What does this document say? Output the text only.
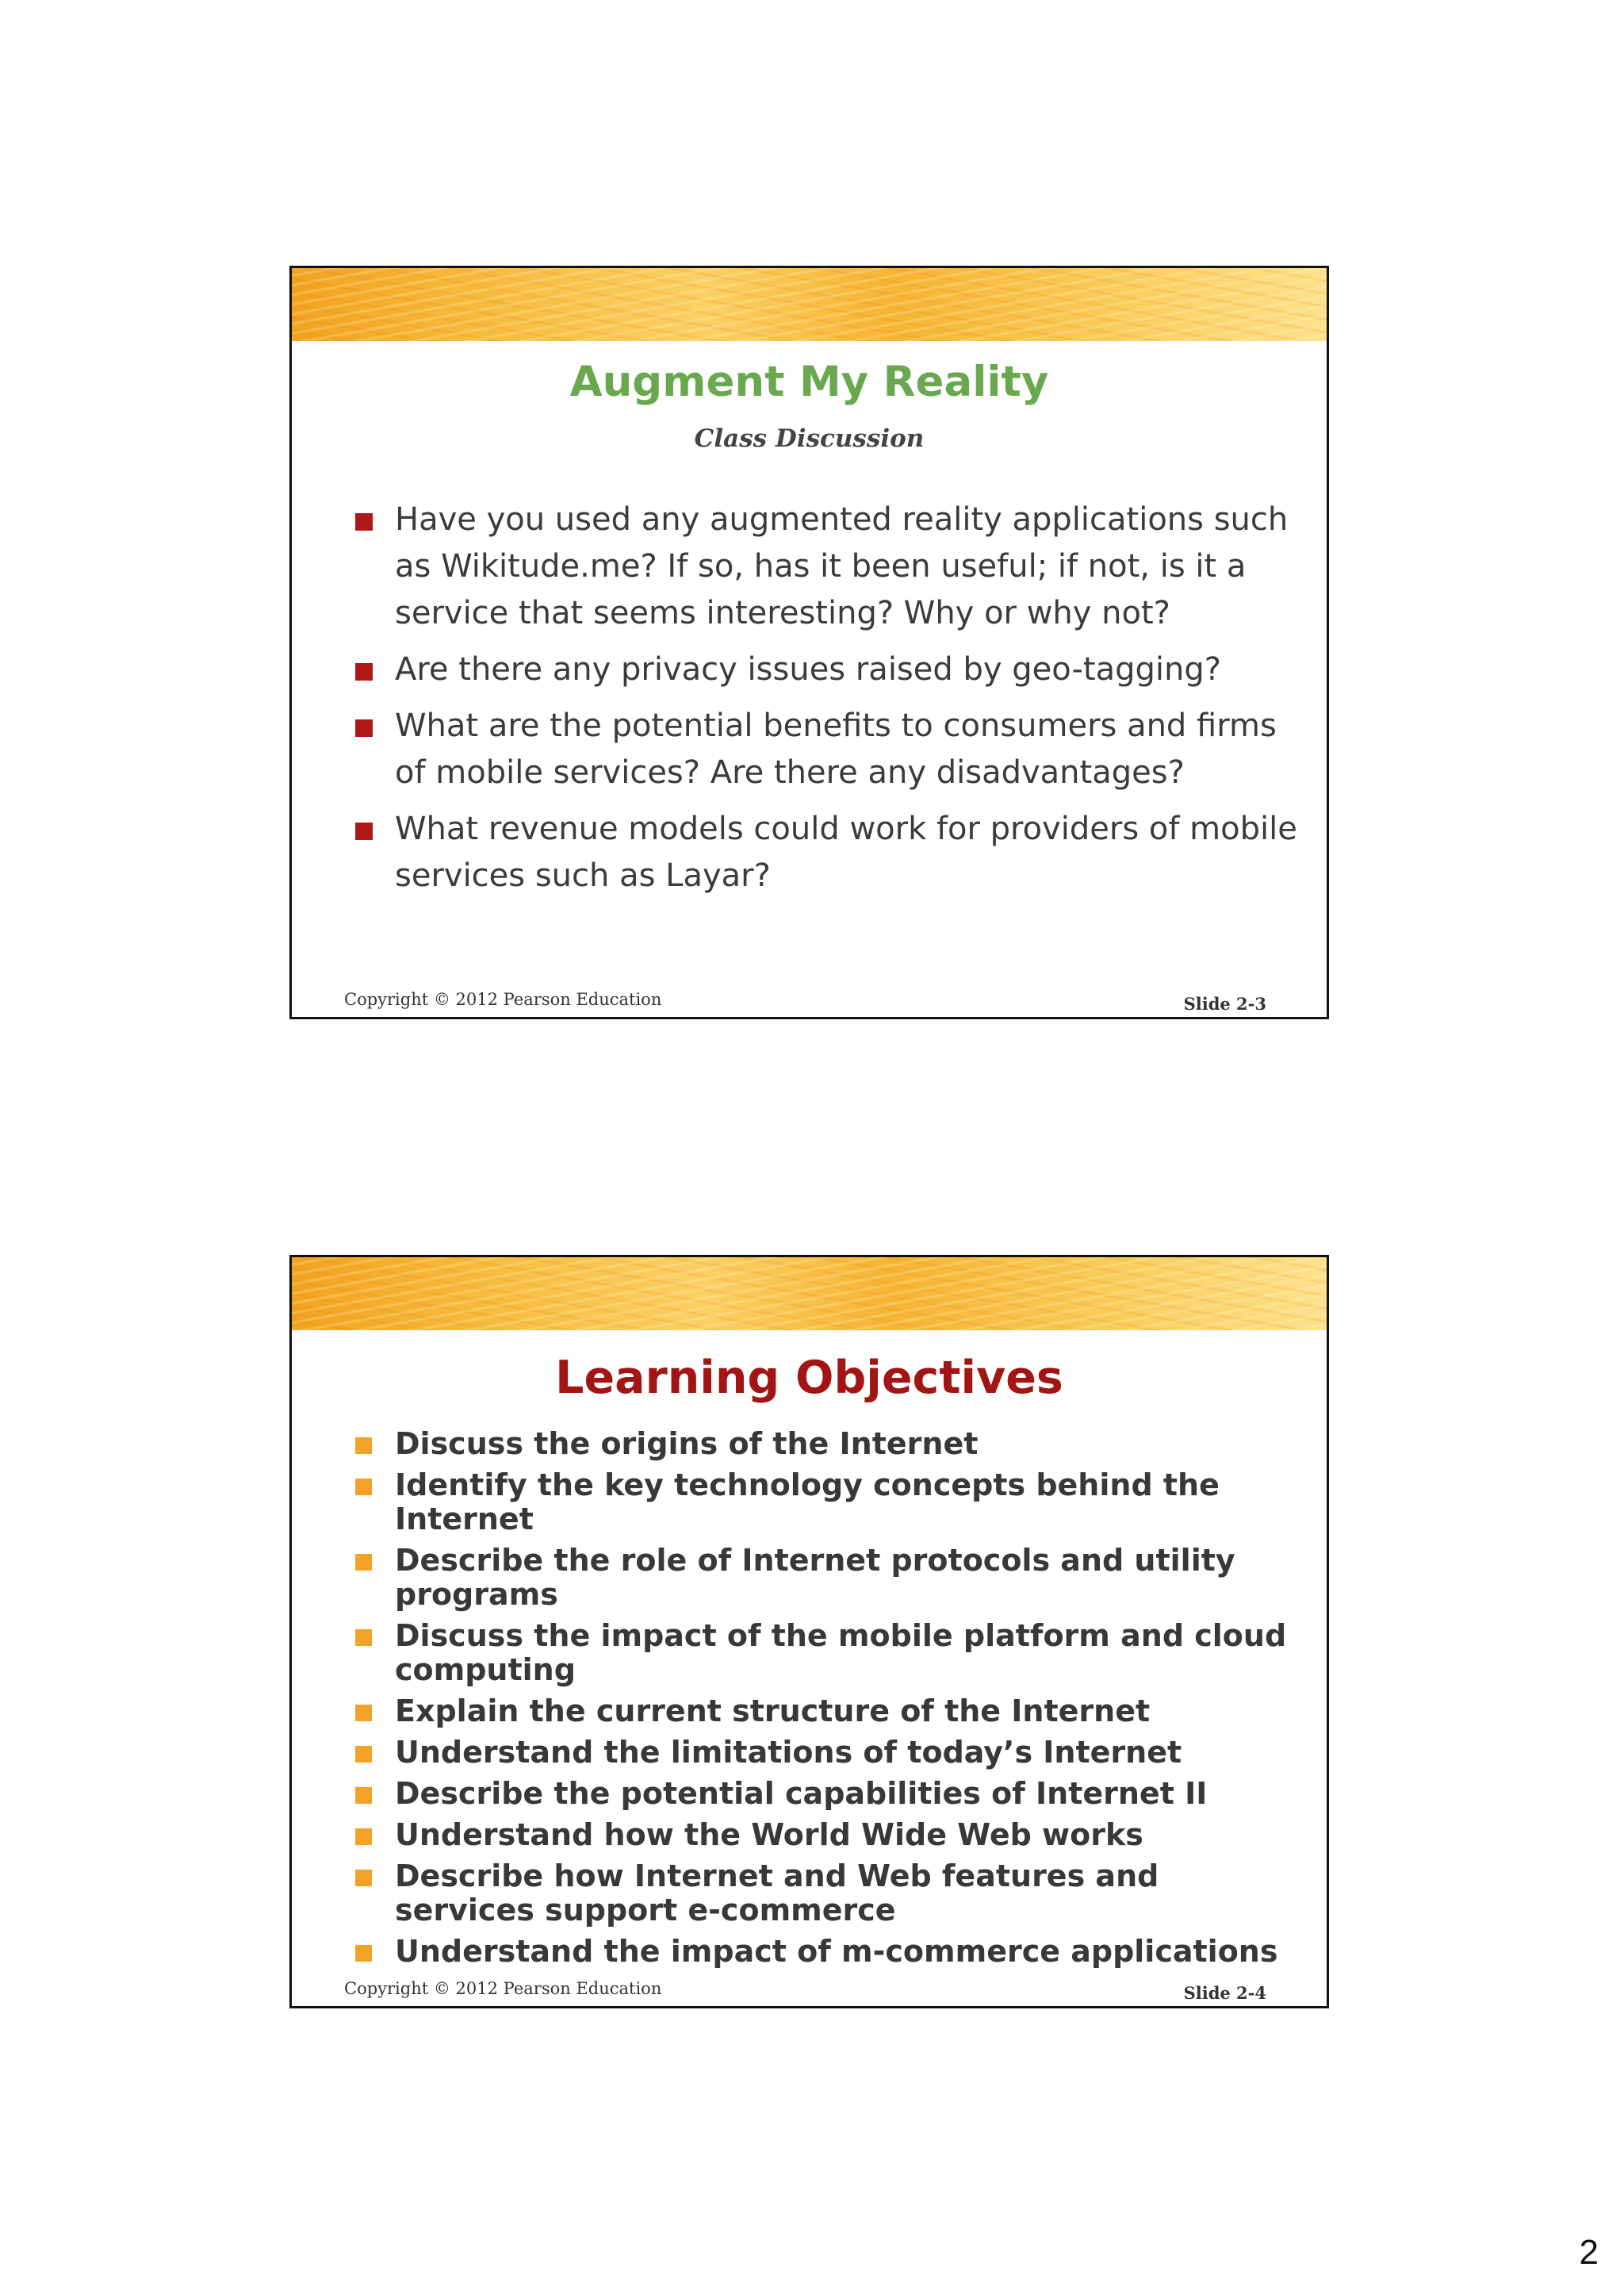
Augment My Reality
Class Discussion
Have you used any augmented reality applications such as Wikitude.me? If so, has it been useful; if not, is it a service that seems interesting? Why or why not?
Are there any privacy issues raised by geo-tagging?
What are the potential benefits to consumers and firms of mobile services? Are there any disadvantages?
What revenue models could work for providers of mobile services such as Layar?
Copyright © 2012 Pearson Education	Slide 2-3
Learning Objectives
Discuss the origins of the Internet
Identify the key technology concepts behind the Internet
Describe the role of Internet protocols and utility programs
Discuss the impact of the mobile platform and cloud computing
Explain the current structure of the Internet
Understand the limitations of today’s Internet
Describe the potential capabilities of Internet II
Understand how the World Wide Web works
Describe how Internet and Web features and services support e-commerce
Understand the impact of m-commerce applications
Copyright © 2012 Pearson Education	Slide 2-4
2
